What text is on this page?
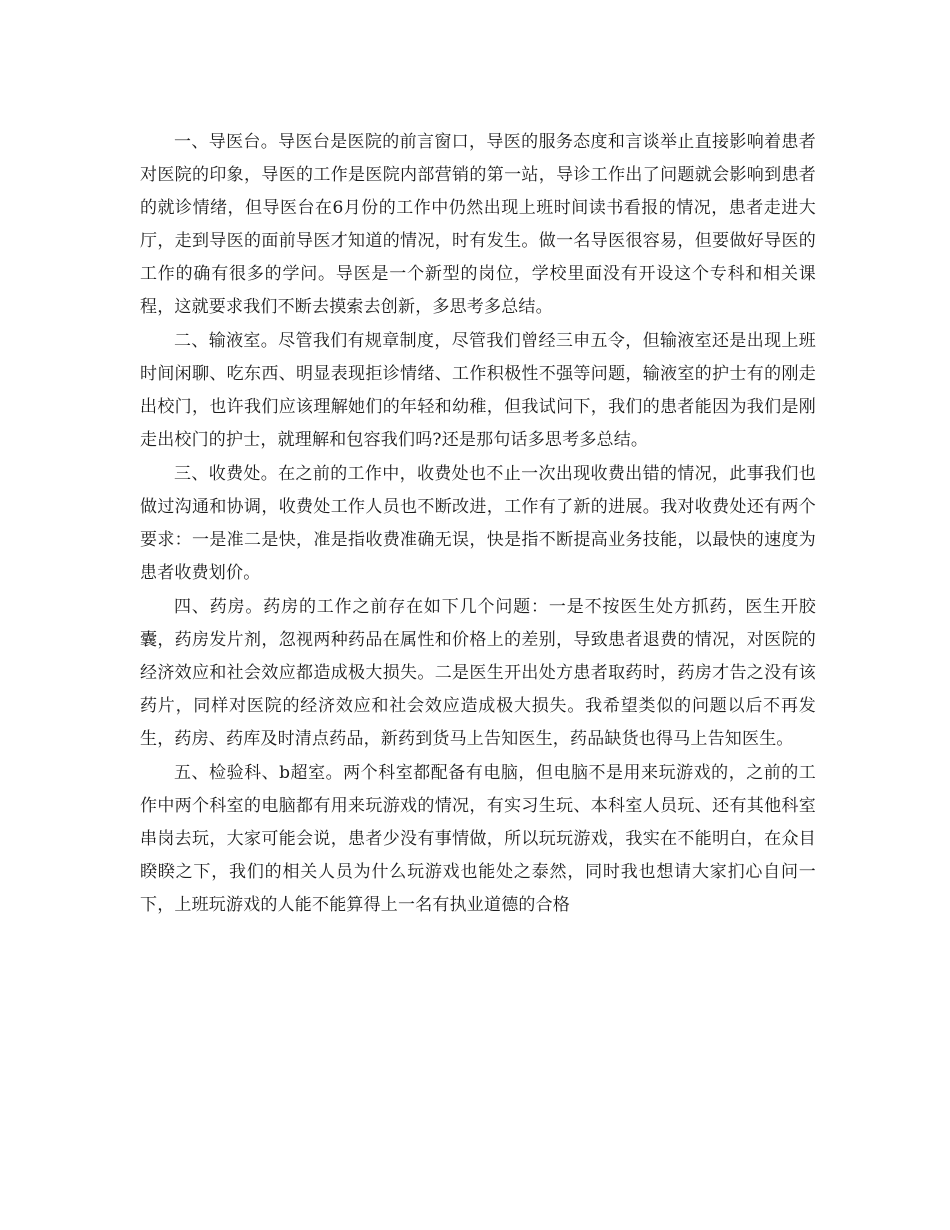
一、导医台。导医台是医院的前言窗口，导医的服务态度和言谈举止直接影响着患者对医院的印象，导医的工作是医院内部营销的第一站，导诊工作出了问题就会影响到患者的就诊情绪，但导医台在6月份的工作中仍然出现上班时间读书看报的情况，患者走进大厅，走到导医的面前导医才知道的情况，时有发生。做一名导医很容易，但要做好导医的工作的确有很多的学问。导医是一个新型的岗位，学校里面没有开设这个专科和相关课程，这就要求我们不断去摸索去创新，多思考多总结。

二、输液室。尽管我们有规章制度，尽管我们曾经三申五令，但输液室还是出现上班时间闲聊、吃东西、明显表现拒诊情绪、工作积极性不强等问题，输液室的护士有的刚走出校门，也许我们应该理解她们的年轻和幼稚，但我试问下，我们的患者能因为我们是刚走出校门的护士，就理解和包容我们吗?还是那句话多思考多总结。

三、收费处。在之前的工作中，收费处也不止一次出现收费出错的情况，此事我们也做过沟通和协调，收费处工作人员也不断改进，工作有了新的进展。我对收费处还有两个要求：一是准二是快，准是指收费准确无误，快是指不断提高业务技能，以最快的速度为患者收费划价。

四、药房。药房的工作之前存在如下几个问题：一是不按医生处方抓药，医生开胶囊，药房发片剂，忽视两种药品在属性和价格上的差别，导致患者退费的情况，对医院的经济效应和社会效应都造成极大损失。二是医生开出处方患者取药时，药房才告之没有该药片，同样对医院的经济效应和社会效应造成极大损失。我希望类似的问题以后不再发生，药房、药库及时清点药品，新药到货马上告知医生，药品缺货也得马上告知医生。

五、检验科、b超室。两个科室都配备有电脑，但电脑不是用来玩游戏的，之前的工作中两个科室的电脑都有用来玩游戏的情况，有实习生玩、本科室人员玩、还有其他科室串岗去玩，大家可能会说，患者少没有事情做，所以玩玩游戏，我实在不能明白，在众目睽睽之下，我们的相关人员为什么玩游戏也能处之泰然，同时我也想请大家扪心自问一下，上班玩游戏的人能不能算得上一名有执业道德的合格
